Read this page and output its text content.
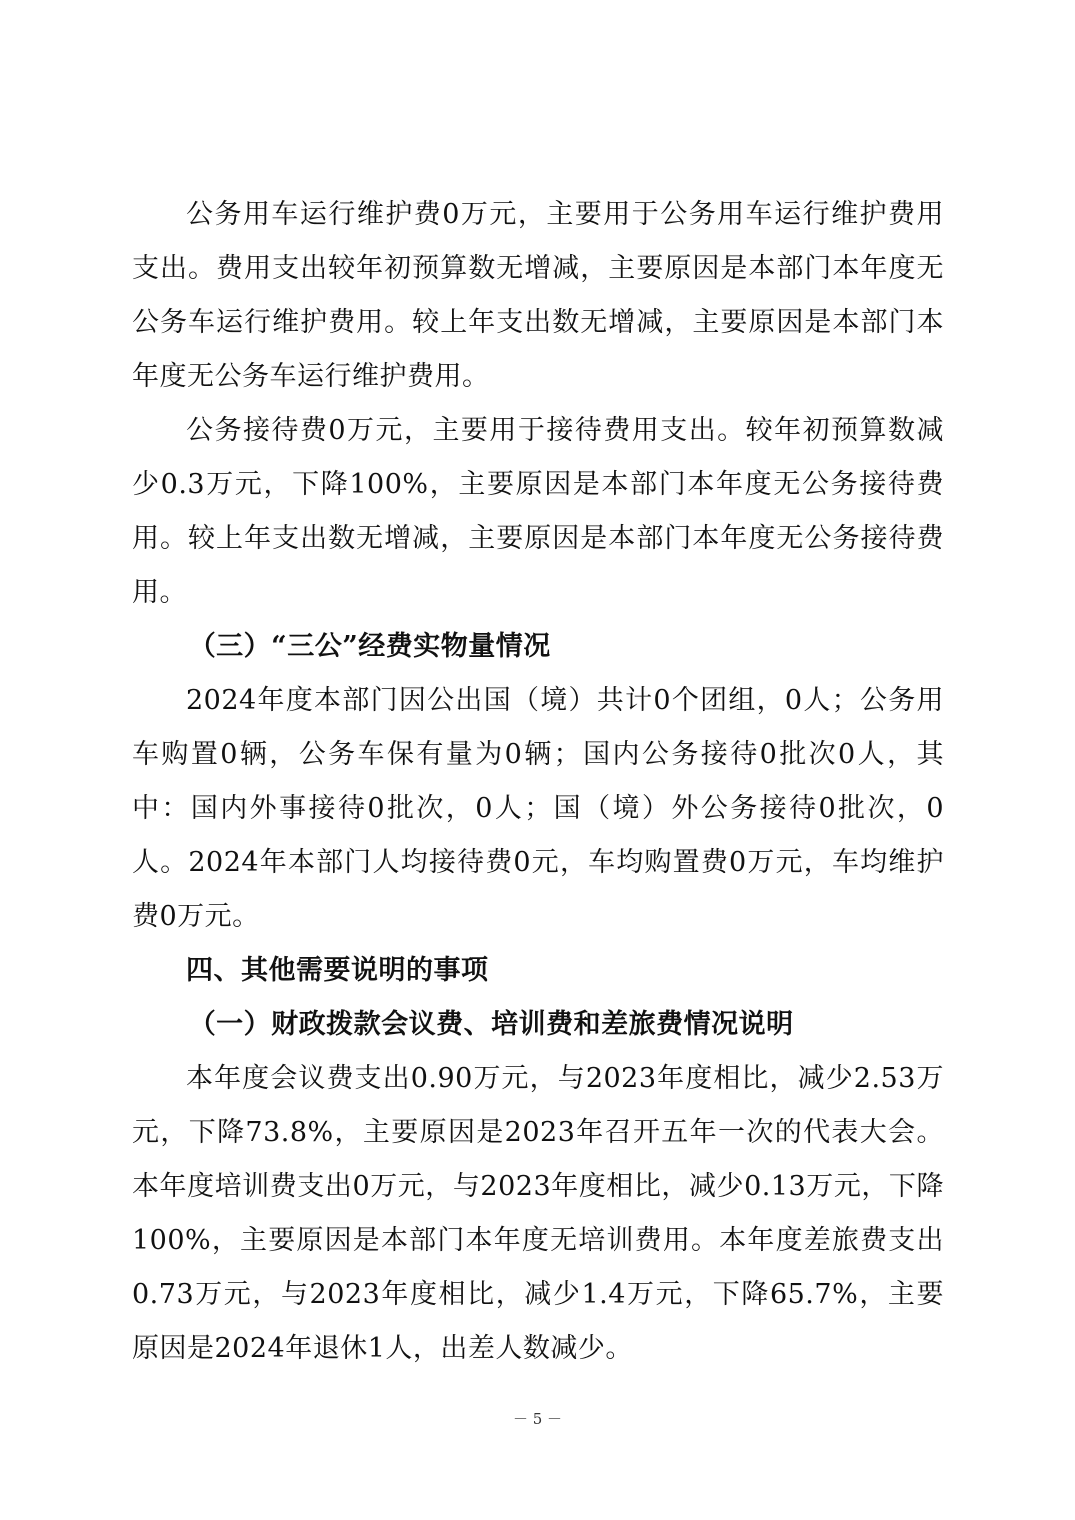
公务用车运行维护费0万元，主要用于公务用车运行维护费用支出。费用支出较年初预算数无增减，主要原因是本部门本年度无公务车运行维护费用。较上年支出数无增减，主要原因是本部门本年度无公务车运行维护费用。

公务接待费0万元，主要用于接待费用支出。较年初预算数减少0.3万元，下降100%，主要原因是本部门本年度无公务接待费用。较上年支出数无增减，主要原因是本部门本年度无公务接待费用。

（三）“三公”经费实物量情况

2024年度本部门因公出国（境）共计0个团组，0人；公务用车购置0辆，公务车保有量为0辆；国内公务接待0批次0人，其中：国内外事接待0批次，0人；国（境）外公务接待0批次，0人。2024年本部门人均接待费0元，车均购置费0万元，车均维护费0万元。

四、其他需要说明的事项

（一）财政拨款会议费、培训费和差旅费情况说明

本年度会议费支出0.90万元，与2023年度相比，减少2.53万元，下降73.8%，主要原因是2023年召开五年一次的代表大会。本年度培训费支出0万元，与2023年度相比，减少0.13万元，下降100%，主要原因是本部门本年度无培训费用。本年度差旅费支出0.73万元，与2023年度相比，减少1.4万元，下降65.7%，主要原因是2024年退休1人，出差人数减少。

－ 5 －
